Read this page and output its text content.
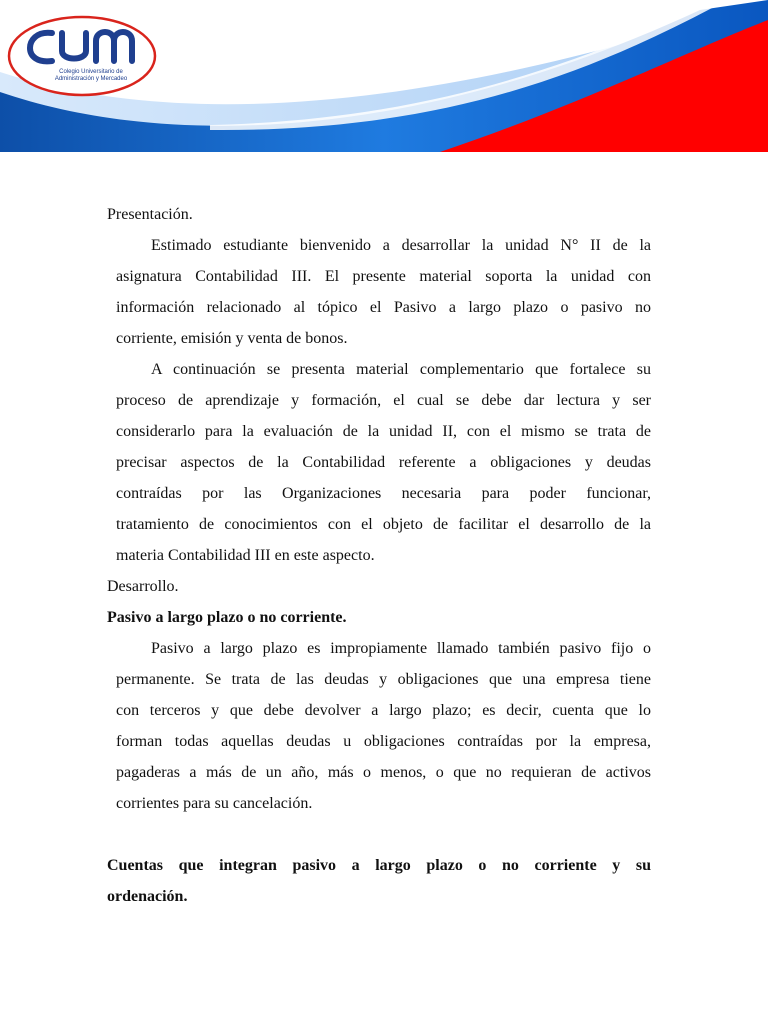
Colegio Universitario de
Administración y Mercadeo
Presentación.
Estimado estudiante bienvenido a desarrollar la unidad N° II de la
asignatura Contabilidad III. El presente material soporta la unidad con
información relacionado al tópico el Pasivo a largo plazo o pasivo no
corriente, emisión y venta de bonos.
A continuación se presenta material complementario que fortalece su
proceso de aprendizaje y formación, el cual se debe dar lectura y ser
considerarlo para la evaluación de la unidad II, con el mismo se trata de
precisar aspectos de la Contabilidad referente a obligaciones y deudas
contraídas por las Organizaciones necesaria para poder funcionar,
tratamiento de conocimientos con el objeto de facilitar el desarrollo de la
materia Contabilidad III en este aspecto.
Desarrollo.
Pasivo a largo plazo o no corriente.
Pasivo a largo plazo es impropiamente llamado también pasivo fijo o
permanente. Se trata de las deudas y obligaciones que una empresa tiene
con terceros y que debe devolver a largo plazo; es decir, cuenta que lo
forman todas aquellas deudas u obligaciones contraídas por la empresa,
pagaderas a más de un año, más o menos, o que no requieran de activos
corrientes para su cancelación.
Cuentas que integran pasivo a largo plazo o no corriente y su
ordenación.
